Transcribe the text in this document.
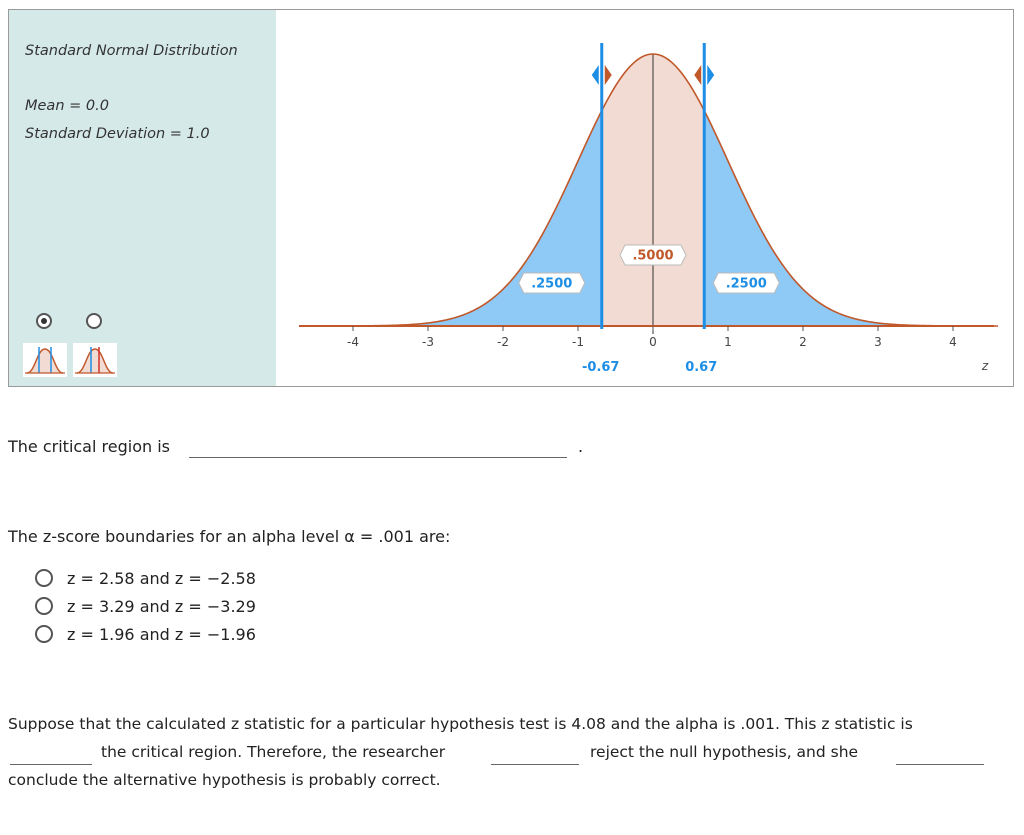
Standard Normal Distribution
Mean = 0.0
Standard Deviation = 1.0
-4	-3	-2	-1	0	1	2	3	4
.5000
.2500	.2500
-0.67	0.67	z
The critical region is	.
The z-score boundaries for an alpha level α = .001 are:
z = 2.58 and z = −2.58
z = 3.29 and z = −3.29
z = 1.96 and z = −1.96
Suppose that the calculated z statistic for a particular hypothesis test is 4.08 and the alpha is .001. This z statistic is
the critical region. Therefore, the researcher	reject the null hypothesis, and she
conclude the alternative hypothesis is probably correct.
